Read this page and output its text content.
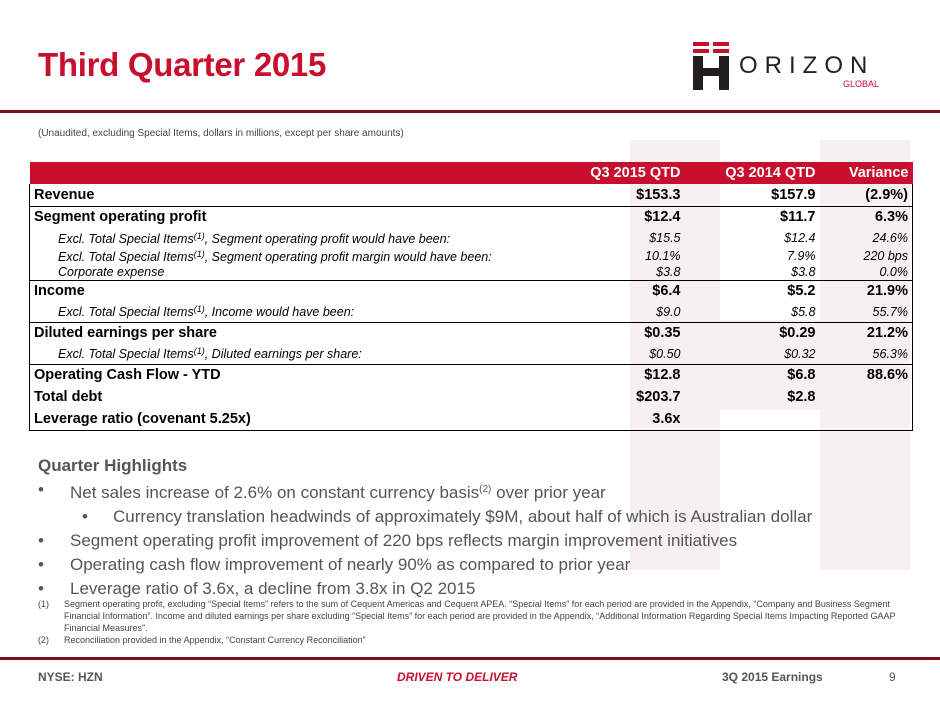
Third Quarter 2015	ORIZON
GLOBAL
(Unaudited, excluding Special Items, dollars in millions, except per share amounts)
	Q3 2015 QTD	Q3 2014 QTD	Variance
Revenue	$153.3	$157.9	(2.9%)
Segment operating profit	$12.4	$11.7	6.3%
Excl. Total Special Items$^{(1)}$, Segment operating profit would have been:	$15.5	$12.4	24.6%
Excl. Total Special Items$^{(1)}$, Segment operating profit margin would have been:	10.1%	7.9%	220 bps
Corporate expense	$3.8	$3.8	0.0%
Income	$6.4	$5.2	21.9%
Excl. Total Special Items$^{(1)}$, Income would have been:	$9.0	$5.8	55.7%
Diluted earnings per share	$0.35	$0.29	21.2%
Excl. Total Special Items$^{(1)}$, Diluted earnings per share:	$0.50	$0.32	56.3%
Operating Cash Flow - YTD	$12.8	$6.8	88.6%
Total debt	$203.7	$2.8	
Leverage ratio (covenant 5.25x)	3.6x		
Quarter Highlights
• Net sales increase of 2.6% on constant currency basis$^{(2)}$ over prior year
• Currency translation headwinds of approximately $9M, about half of which is Australian dollar
• Segment operating profit improvement of 220 bps reflects margin improvement initiatives
• Operating cash flow improvement of nearly 90% as compared to prior year
• Leverage ratio of 3.6x, a decline from 3.8x in Q2 2015
(1) Segment operating profit, excluding “Special Items” refers to the sum of Cequent Americas and Cequent APEA. “Special Items” for each period are provided in the Appendix, “Company and Business Segment Financial Information”. Income and diluted earnings per share excluding “Special Items” for each period are provided in the Appendix, “Additional Information Regarding Special Items Impacting Reported GAAP Financial Measures”.
(2) Reconciliation provided in the Appendix, “Constant Currency Reconciliation”
NYSE: HZN	DRIVEN TO DELIVER	3Q 2015 Earnings	9
